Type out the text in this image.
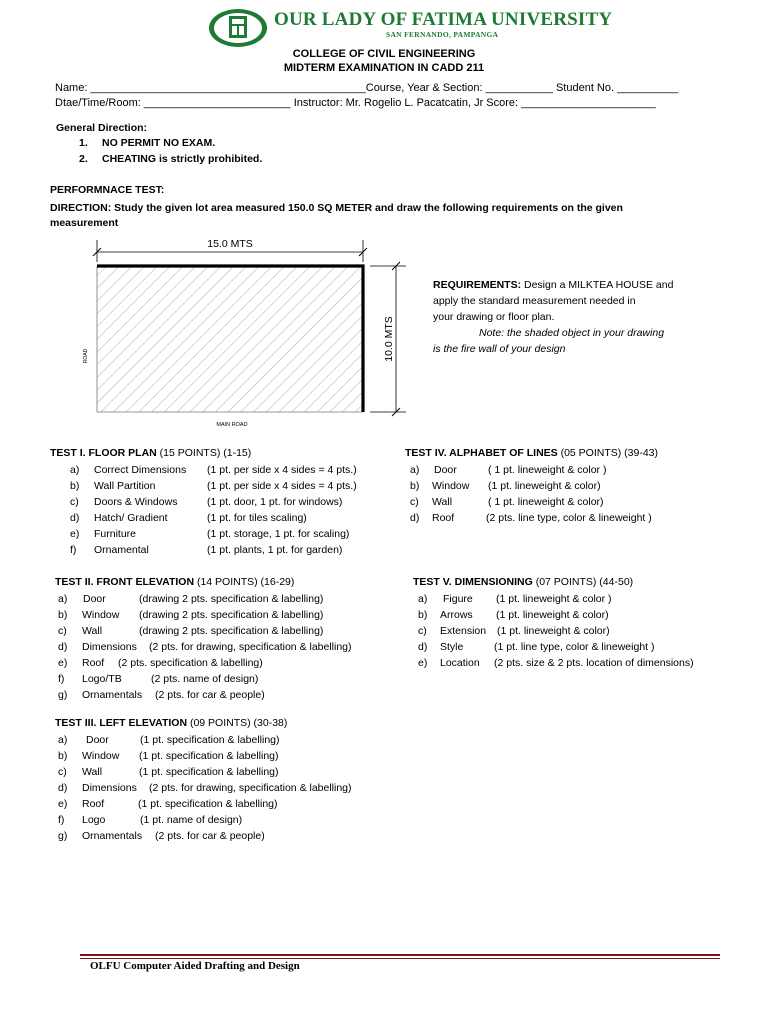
OUR LADY OF FATIMA UNIVERSITY
SAN FERNANDO, PAMPANGA
COLLEGE OF CIVIL ENGINEERING
MIDTERM EXAMINATION IN CADD 211
Name: _____________________________________________Course, Year & Section: ___________ Student No. __________
Dtae/Time/Room: ________________________ Instructor: Mr. Rogelio L. Pacatcatin, Jr Score: ______________________
General Direction:
1. NO PERMIT NO EXAM.
2. CHEATING is strictly prohibited.
PERFORMNACE TEST:
DIRECTION: Study the given lot area measured 150.0 SQ METER and draw the following requirements on the given
measurement
15.0 MTS
10.0 MTS
ROAD
MAIN ROAD
REQUIREMENTS: Design a MILKTEA HOUSE and
apply the standard measurement needed in
your drawing or floor plan.
Note: the shaded object in your drawing
is the fire wall of your design
TEST I. FLOOR PLAN (15 POINTS) (1-15)
a) Correct Dimensions (1 pt. per side x 4 sides = 4 pts.)
b) Wall Partition	(1 pt. per side x 4 sides = 4 pts.)
c) Doors & Windows	(1 pt. door, 1 pt. for windows)
d) Hatch/ Gradient	(1 pt. for tiles scaling)
e) Furniture	(1 pt. storage, 1 pt. for scaling)
f) Ornamental	(1 pt. plants, 1 pt. for garden)
TEST IV. ALPHABET OF LINES (05 POINTS) (39-43)
a) Door	( 1 pt. lineweight & color )
b) Window (1 pt. lineweight & color)
c) Wall	( 1 pt. lineweight & color)
d) Roof	(2 pts. line type, color & lineweight )
TEST II. FRONT ELEVATION (14 POINTS) (16-29)
a) Door	(drawing 2 pts. specification & labelling)
b) Window (drawing 2 pts. specification & labelling)
c) Wall	(drawing 2 pts. specification & labelling)
d) Dimensions (2 pts. for drawing, specification & labelling)
e) Roof (2 pts. specification & labelling)
f) Logo/TB	(2 pts. name of design)
g) Ornamentals (2 pts. for car & people)
TEST V. DIMENSIONING (07 POINTS) (44-50)
a) Figure (1 pt. lineweight & color )
b) Arrows (1 pt. lineweight & color)
c) Extension (1 pt. lineweight & color)
d) Style	(1 pt. line type, color & lineweight )
e) Location (2 pts. size & 2 pts. location of dimensions)
TEST III. LEFT ELEVATION (09 POINTS) (30-38)
a) Door	(1 pt. specification & labelling)
b) Window (1 pt. specification & labelling)
c) Wall	(1 pt. specification & labelling)
d) Dimensions (2 pts. for drawing, specification & labelling)
e) Roof	(1 pt. specification & labelling)
f) Logo	(1 pt. name of design)
g) Ornamentals (2 pts. for car & people)
OLFU Computer Aided Drafting and Design
